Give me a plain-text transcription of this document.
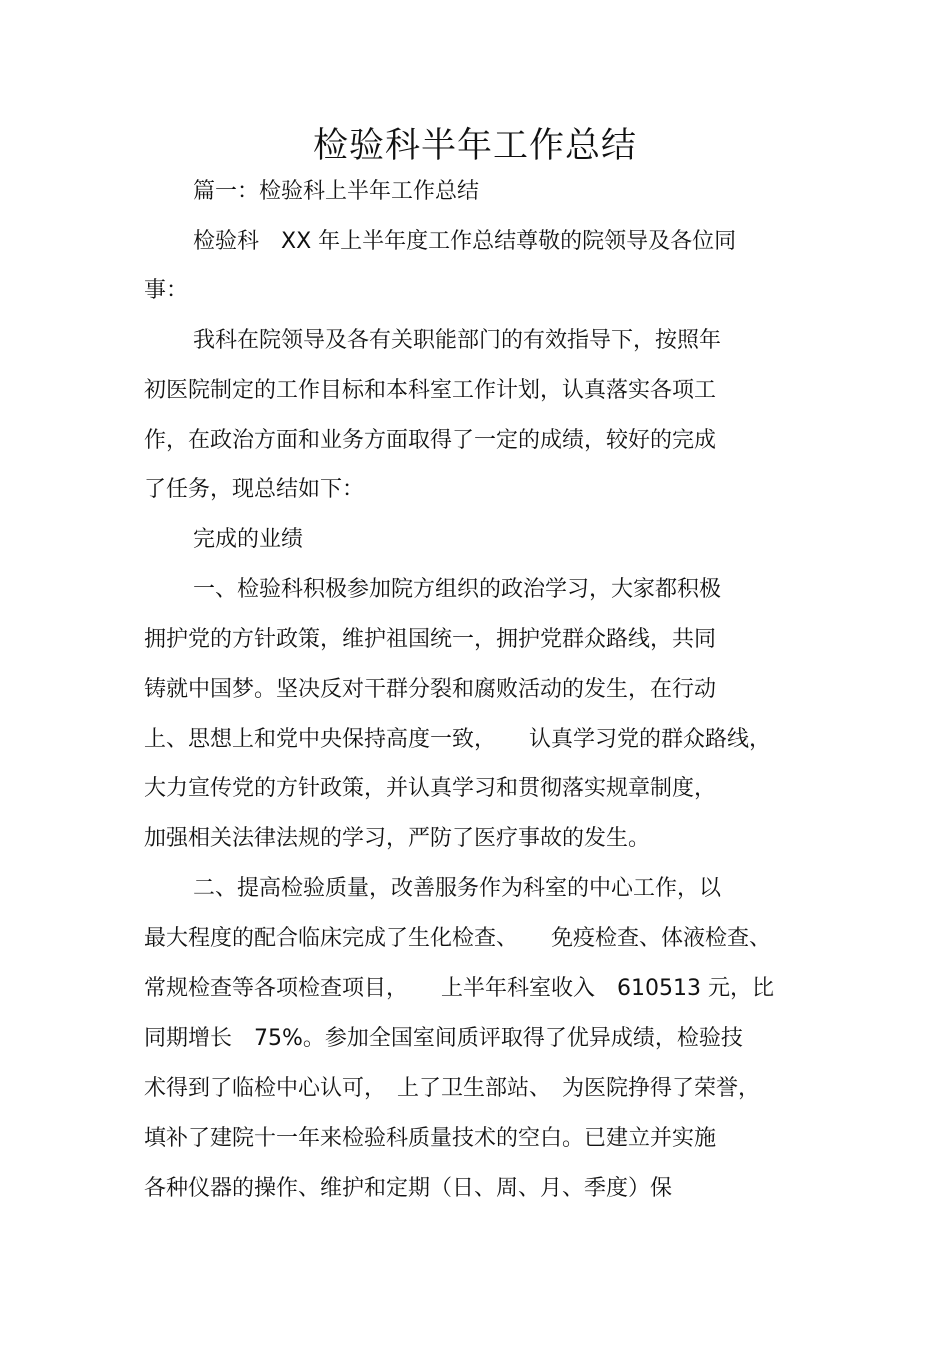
检验科半年工作总结
篇一：检验科上半年工作总结
检验科　XX 年上半年度工作总结尊敬的院领导及各位同
事：
我科在院领导及各有关职能部门的有效指导下，按照年
初医院制定的工作目标和本科室工作计划，认真落实各项工
作，在政治方面和业务方面取得了一定的成绩，较好的完成
了任务，现总结如下：
完成的业绩
一、检验科积极参加院方组织的政治学习，大家都积极
拥护党的方针政策，维护祖国统一，拥护党群众路线，共同
铸就中国梦。坚决反对干群分裂和腐败活动的发生，在行动
上、思想上和党中央保持高度一致，　　认真学习党的群众路线，
大力宣传党的方针政策，并认真学习和贯彻落实规章制度，
加强相关法律法规的学习，严防了医疗事故的发生。
二、提高检验质量，改善服务作为科室的中心工作，以
最大程度的配合临床完成了生化检查、　　免疫检查、体液检查、
常规检查等各项检查项目，　　上半年科室收入　610513 元，比
同期增长　75%。参加全国室间质评取得了优异成绩，检验技
术得到了临检中心认可，　上了卫生部站、　为医院挣得了荣誉，
填补了建院十一年来检验科质量技术的空白。已建立并实施
各种仪器的操作、维护和定期（日、周、月、季度）保
